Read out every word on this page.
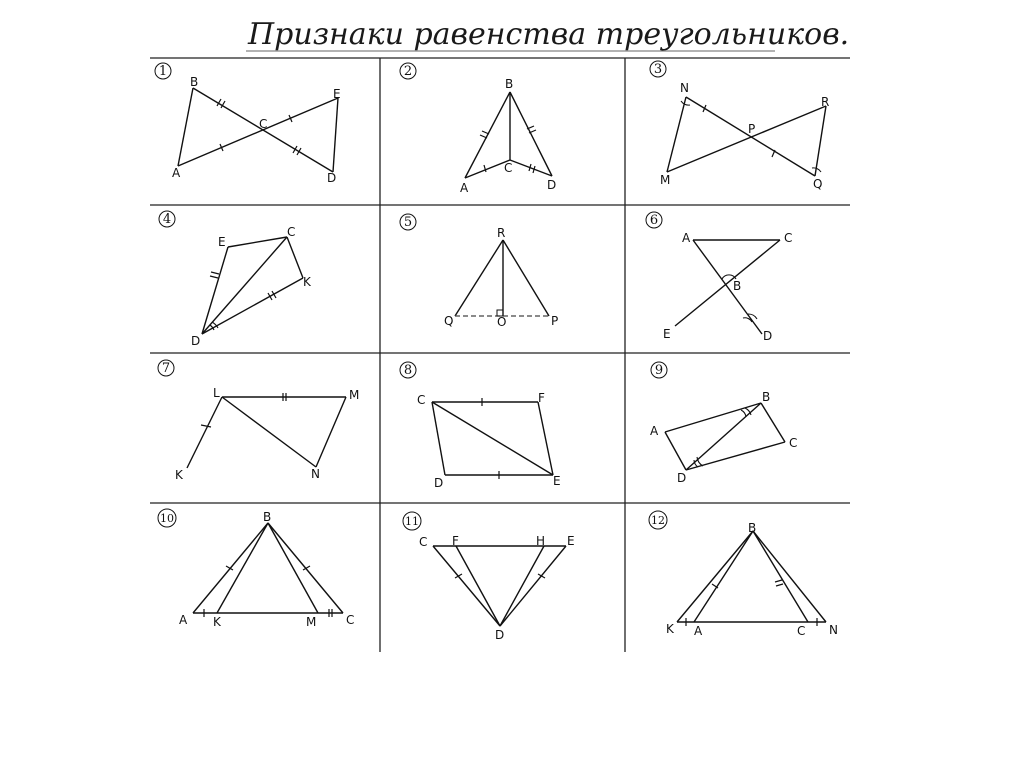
Признаки равенства треугольников.
1
B
E
C
A	D
2
B
C
A	D
3
N
R
P
M	Q
4
E
C
K
D
5
R
Q	O	P
6
A	C
B
E	D
7
L	M
K	N
8
C	F
D	E
9
A
B
C
D
10	B
A K	M C
11
C F	H E
D
12
B
K A	C N
